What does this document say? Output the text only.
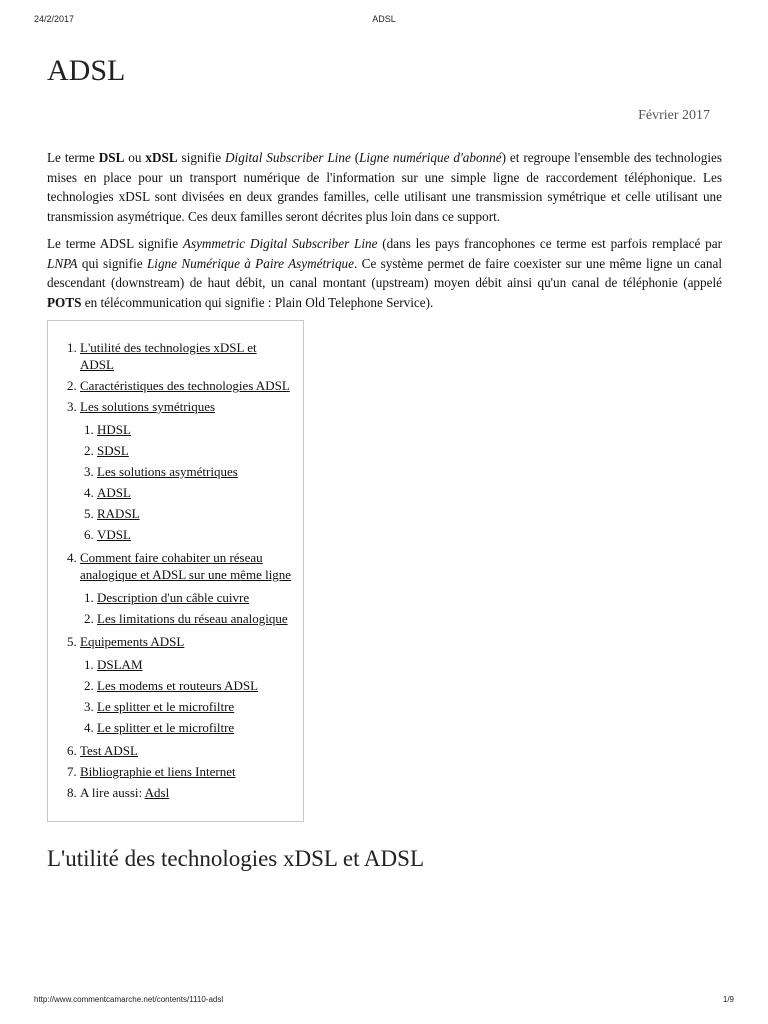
24/2/2017	ADSL
ADSL
Février 2017

Le terme DSL ou xDSL signifie Digital Subscriber Line (Ligne numérique d'abonné) et regroupe l'ensemble des technologies mises en place pour un transport numérique de l'information sur une simple ligne de raccordement téléphonique. Les technologies xDSL sont divisées en deux grandes familles, celle utilisant une transmission symétrique et celle utilisant une transmission asymétrique. Ces deux familles seront décrites plus loin dans ce support.

Le terme ADSL signifie Asymmetric Digital Subscriber Line (dans les pays francophones ce terme est parfois remplacé par LNPA qui signifie Ligne Numérique à Paire Asymétrique. Ce système permet de faire coexister sur une même ligne un canal descendant (downstream) de haut débit, un canal montant (upstream) moyen débit ainsi qu'un canal de téléphonie (appelé POTS en télécommunication qui signifie : Plain Old Telephone Service).

1. L'utilité des technologies xDSL et ADSL
2. Caractéristiques des technologies ADSL
3. Les solutions symétriques
1. HDSL
2. SDSL
3. Les solutions asymétriques
4. ADSL
5. RADSL
6. VDSL
4. Comment faire cohabiter un réseau analogique et ADSL sur une même ligne
1. Description d'un câble cuivre
2. Les limitations du réseau analogique
5. Equipements ADSL
1. DSLAM
2. Les modems et routeurs ADSL
3. Le splitter et le microfiltre
4. Le splitter et le microfiltre
6. Test ADSL
7. Bibliographie et liens Internet
8. A lire aussi: Adsl
L'utilité des technologies xDSL et ADSL
http://www.commentcamarche.net/contents/1110-adsl	1/9
